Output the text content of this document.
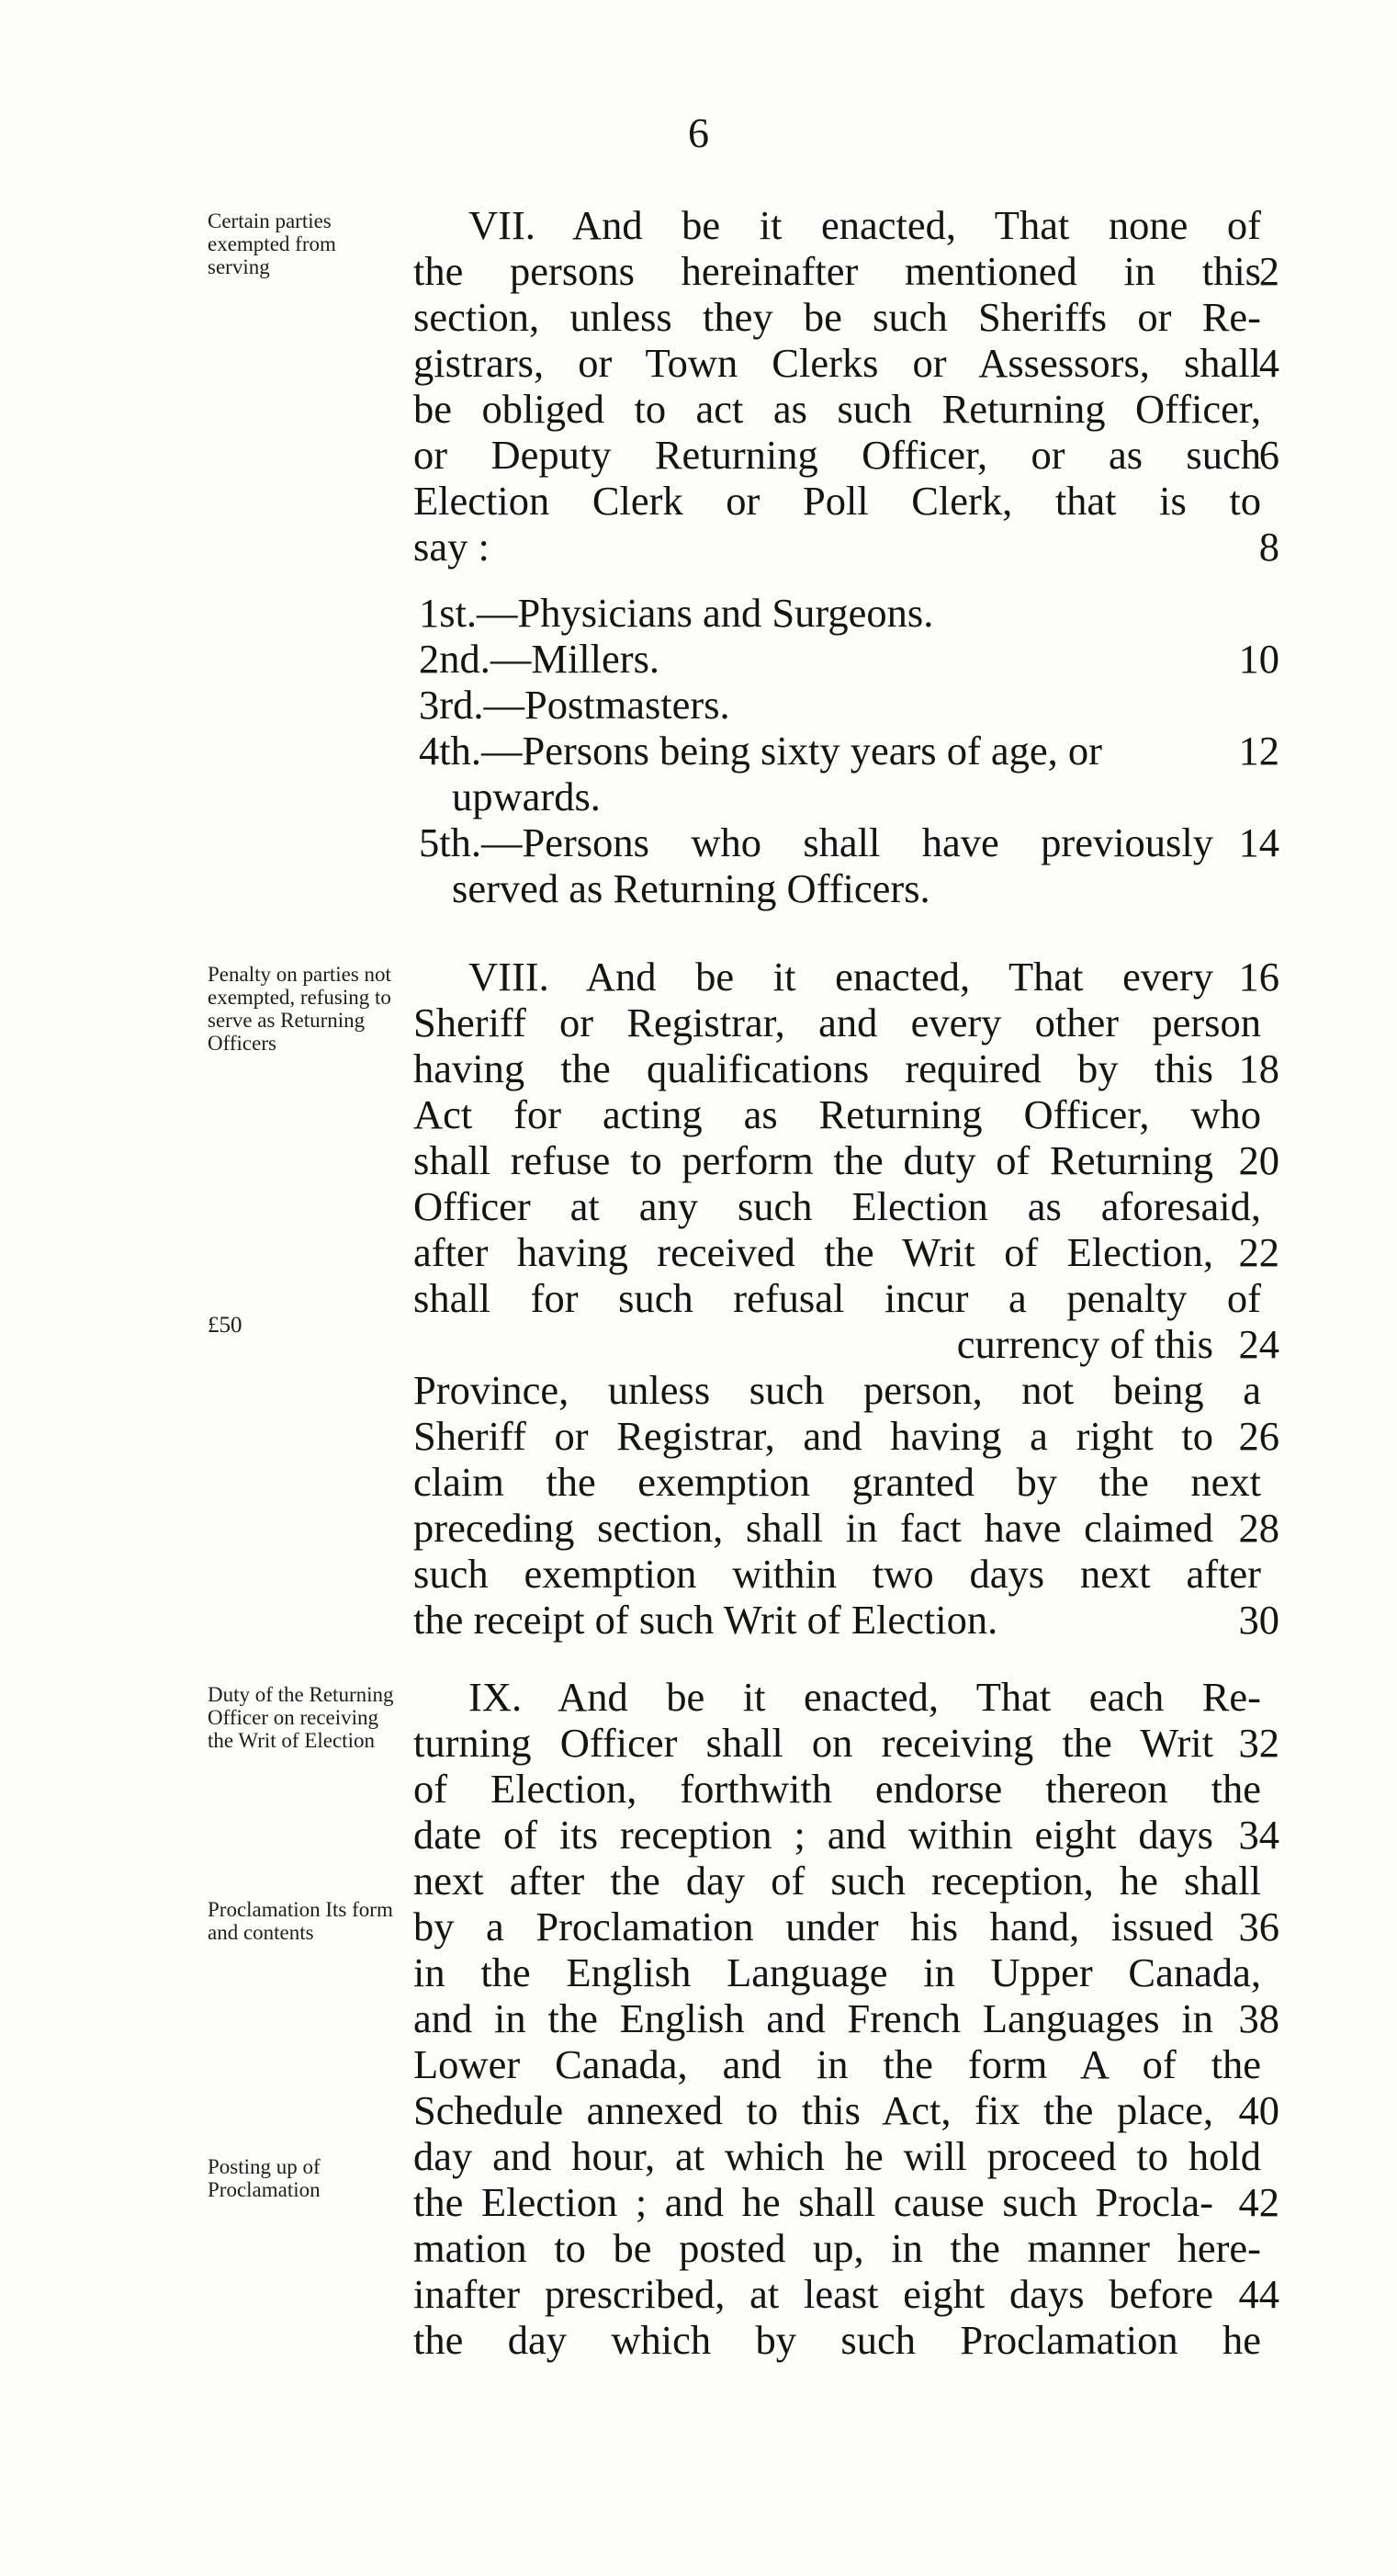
6
Certain parties exempted from serving
Penalty on parties not exempted, refusing to serve as Returning Officers
£50
Duty of the Returning Officer on receiving the Writ of Election
Proclamation Its form and contents
Posting up of Proclamation
VII. And be it enacted, That none of
the persons hereinafter mentioned in this
section, unless they be such Sheriffs or Re-
gistrars, or Town Clerks or Assessors, shall
be obliged to act as such Returning Officer,
or Deputy Returning Officer, or as such
Election Clerk or Poll Clerk, that is to
say :
1st.—Physicians and Surgeons.
2nd.—Millers.
3rd.—Postmasters.
4th.—Persons being sixty years of age, or
upwards.
5th.—Persons who shall have previously
served as Returning Officers.
VIII. And be it enacted, That every
Sheriff or Registrar, and every other person
having the qualifications required by this
Act for acting as Returning Officer, who
shall refuse to perform the duty of Returning
Officer at any such Election as aforesaid,
after having received the Writ of Election,
shall for such refusal incur a penalty of
currency of this
Province, unless such person, not being a
Sheriff or Registrar, and having a right to
claim the exemption granted by the next
preceding section, shall in fact have claimed
such exemption within two days next after
the receipt of such Writ of Election.
IX. And be it enacted, That each Re-
turning Officer shall on receiving the Writ
of Election, forthwith endorse thereon the
date of its reception ; and within eight days
next after the day of such reception, he shall
by a Proclamation under his hand, issued
in the English Language in Upper Canada,
and in the English and French Languages in
Lower Canada, and in the form A of the
Schedule annexed to this Act, fix the place,
day and hour, at which he will proceed to hold
the Election ; and he shall cause such Procla-
mation to be posted up, in the manner here-
inafter prescribed, at least eight days before
the day which by such Proclamation he
2
4
6
8
10
12
14
16
18
20
22
24
26
28
30
32
34
36
38
40
42
44
